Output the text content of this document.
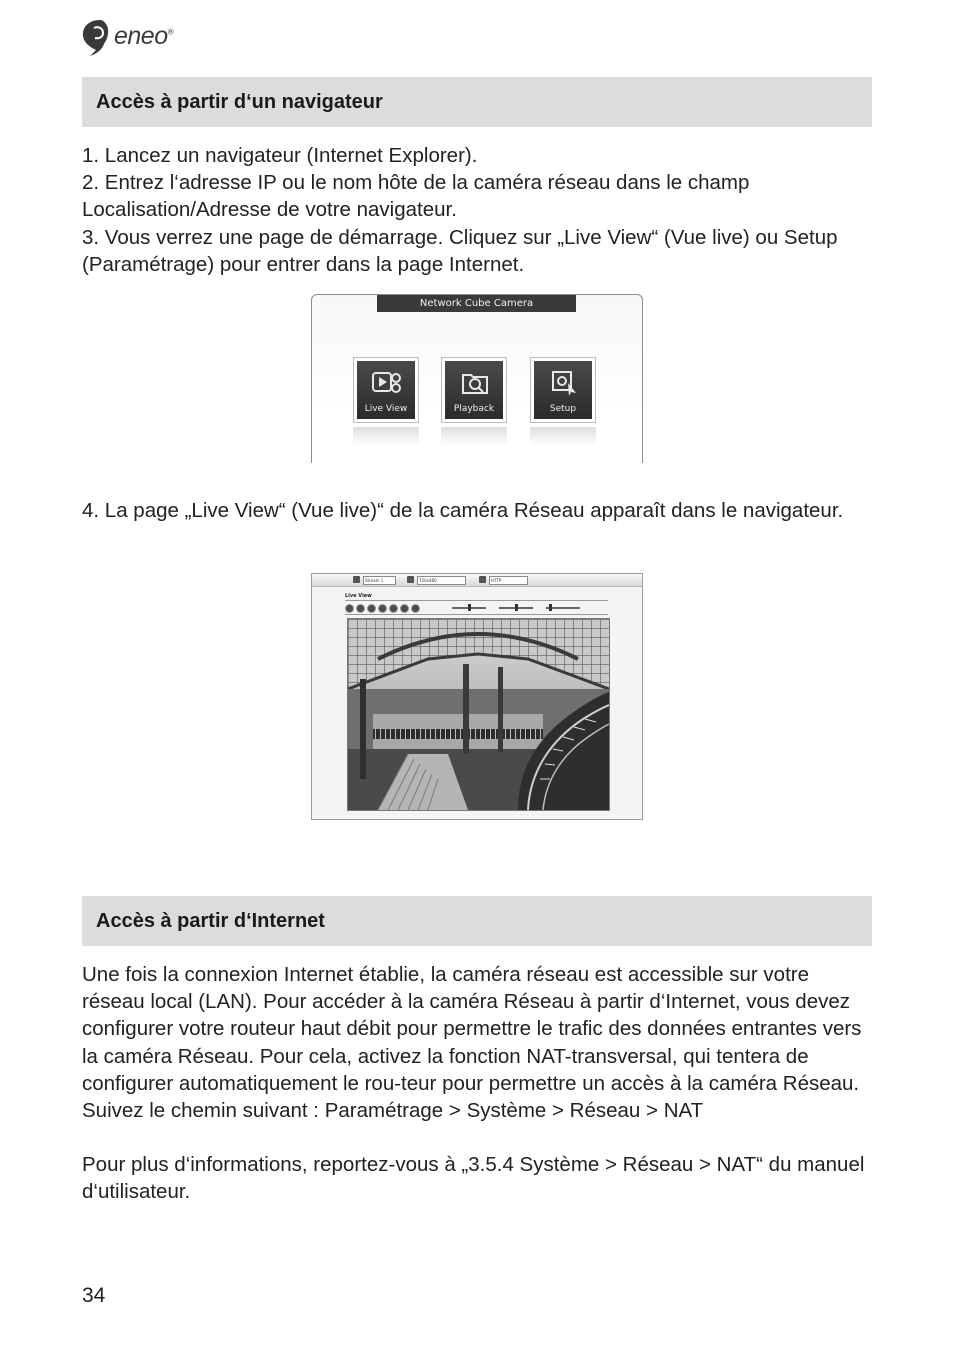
eneo®
Accès à partir d‘un navigateur

1. Lancez un navigateur (Internet Explorer).

2. Entrez l‘adresse IP ou le nom hôte de la caméra réseau dans le champ Localisation/Adresse de votre navigateur.

3. Vous verrez une page de démarrage. Cliquez sur „Live View“ (Vue live) ou Setup (Paramétrage) pour entrer dans la page Internet.

Network Cube Camera
Live View	Playback	Setup
4. La page „Live View“ (Vue live)“ de la caméra Réseau apparaît dans le navigateur.
Stream 1	720x480	HTTP
Live View
Accès à partir d‘Internet

Une fois la connexion Internet établie, la caméra réseau est accessible sur votre réseau local (LAN). Pour accéder à la caméra Réseau à partir d‘Internet, vous devez configurer votre routeur haut débit pour permettre le trafic des données entrantes vers la caméra Réseau. Pour cela, activez la fonction NAT-transversal, qui tentera de configurer automatiquement le rou-teur pour permettre un accès à la caméra Réseau. Suivez le chemin suivant : Paramétrage > Système > Réseau > NAT

Pour plus d‘informations, reportez-vous à „3.5.4 Système > Réseau > NAT“ du manuel d‘utilisateur.

34
